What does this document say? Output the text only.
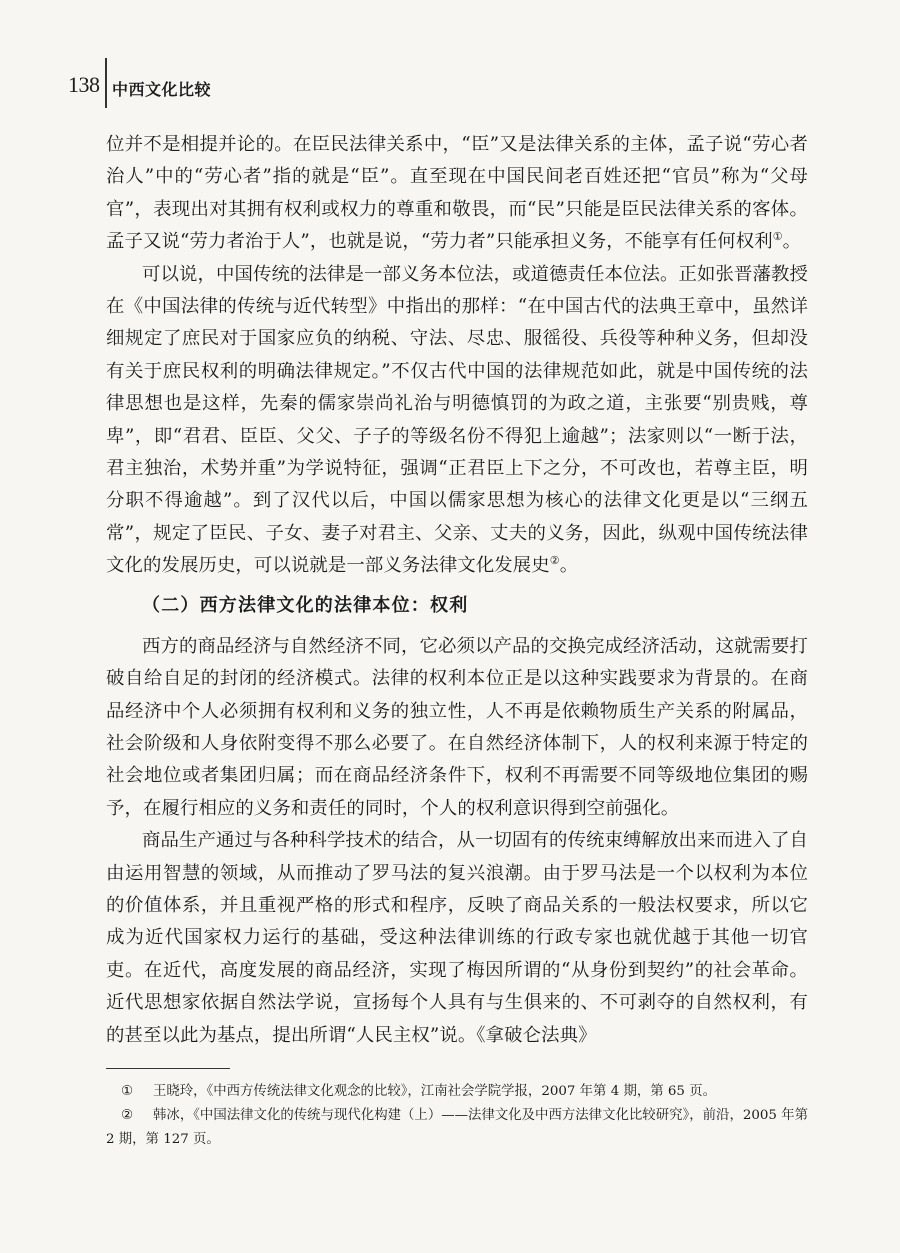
138 中西文化比较

位并不是相提并论的。在臣民法律关系中，“臣”又是法律关系的主体，孟子说“劳心者治人”中的“劳心者”指的就是“臣”。直至现在中国民间老百姓还把“官员”称为“父母官”，表现出对其拥有权利或权力的尊重和敬畏，而“民”只能是臣民法律关系的客体。孟子又说“劳力者治于人”，也就是说，“劳力者”只能承担义务，不能享有任何权利①。

可以说，中国传统的法律是一部义务本位法，或道德责任本位法。正如张晋藩教授在《中国法律的传统与近代转型》中指出的那样：“在中国古代的法典王章中，虽然详细规定了庶民对于国家应负的纳税、守法、尽忠、服徭役、兵役等种种义务，但却没有关于庶民权利的明确法律规定。”不仅古代中国的法律规范如此，就是中国传统的法律思想也是这样，先秦的儒家崇尚礼治与明德慎罚的为政之道，主张要“别贵贱，尊卑”，即“君君、臣臣、父父、子子的等级名份不得犯上逾越”；法家则以“一断于法，君主独治，术势并重”为学说特征，强调“正君臣上下之分，不可改也，若尊主臣，明分职不得逾越”。到了汉代以后，中国以儒家思想为核心的法律文化更是以“三纲五常”，规定了臣民、子女、妻子对君主、父亲、丈夫的义务，因此，纵观中国传统法律文化的发展历史，可以说就是一部义务法律文化发展史②。

（二）西方法律文化的法律本位：权利

西方的商品经济与自然经济不同，它必须以产品的交换完成经济活动，这就需要打破自给自足的封闭的经济模式。法律的权利本位正是以这种实践要求为背景的。在商品经济中个人必须拥有权利和义务的独立性，人不再是依赖物质生产关系的附属品，社会阶级和人身依附变得不那么必要了。在自然经济体制下，人的权利来源于特定的社会地位或者集团归属；而在商品经济条件下，权利不再需要不同等级地位集团的赐予，在履行相应的义务和责任的同时，个人的权利意识得到空前强化。

商品生产通过与各种科学技术的结合，从一切固有的传统束缚解放出来而进入了自由运用智慧的领域，从而推动了罗马法的复兴浪潮。由于罗马法是一个以权利为本位的价值体系，并且重视严格的形式和程序，反映了商品关系的一般法权要求，所以它成为近代国家权力运行的基础，受这种法律训练的行政专家也就优越于其他一切官吏。在近代，高度发展的商品经济，实现了梅因所谓的“从身份到契约”的社会革命。近代思想家依据自然法学说，宣扬每个人具有与生俱来的、不可剥夺的自然权利，有的甚至以此为基点，提出所谓“人民主权”说。《拿破仑法典》

① 王晓玲，《中西方传统法律文化观念的比较》，江南社会学院学报，2007 年第 4 期，第 65 页。

② 韩冰，《中国法律文化的传统与现代化构建（上）——法律文化及中西方法律文化比较研究》，前沿，2005 年第 2 期，第 127 页。
